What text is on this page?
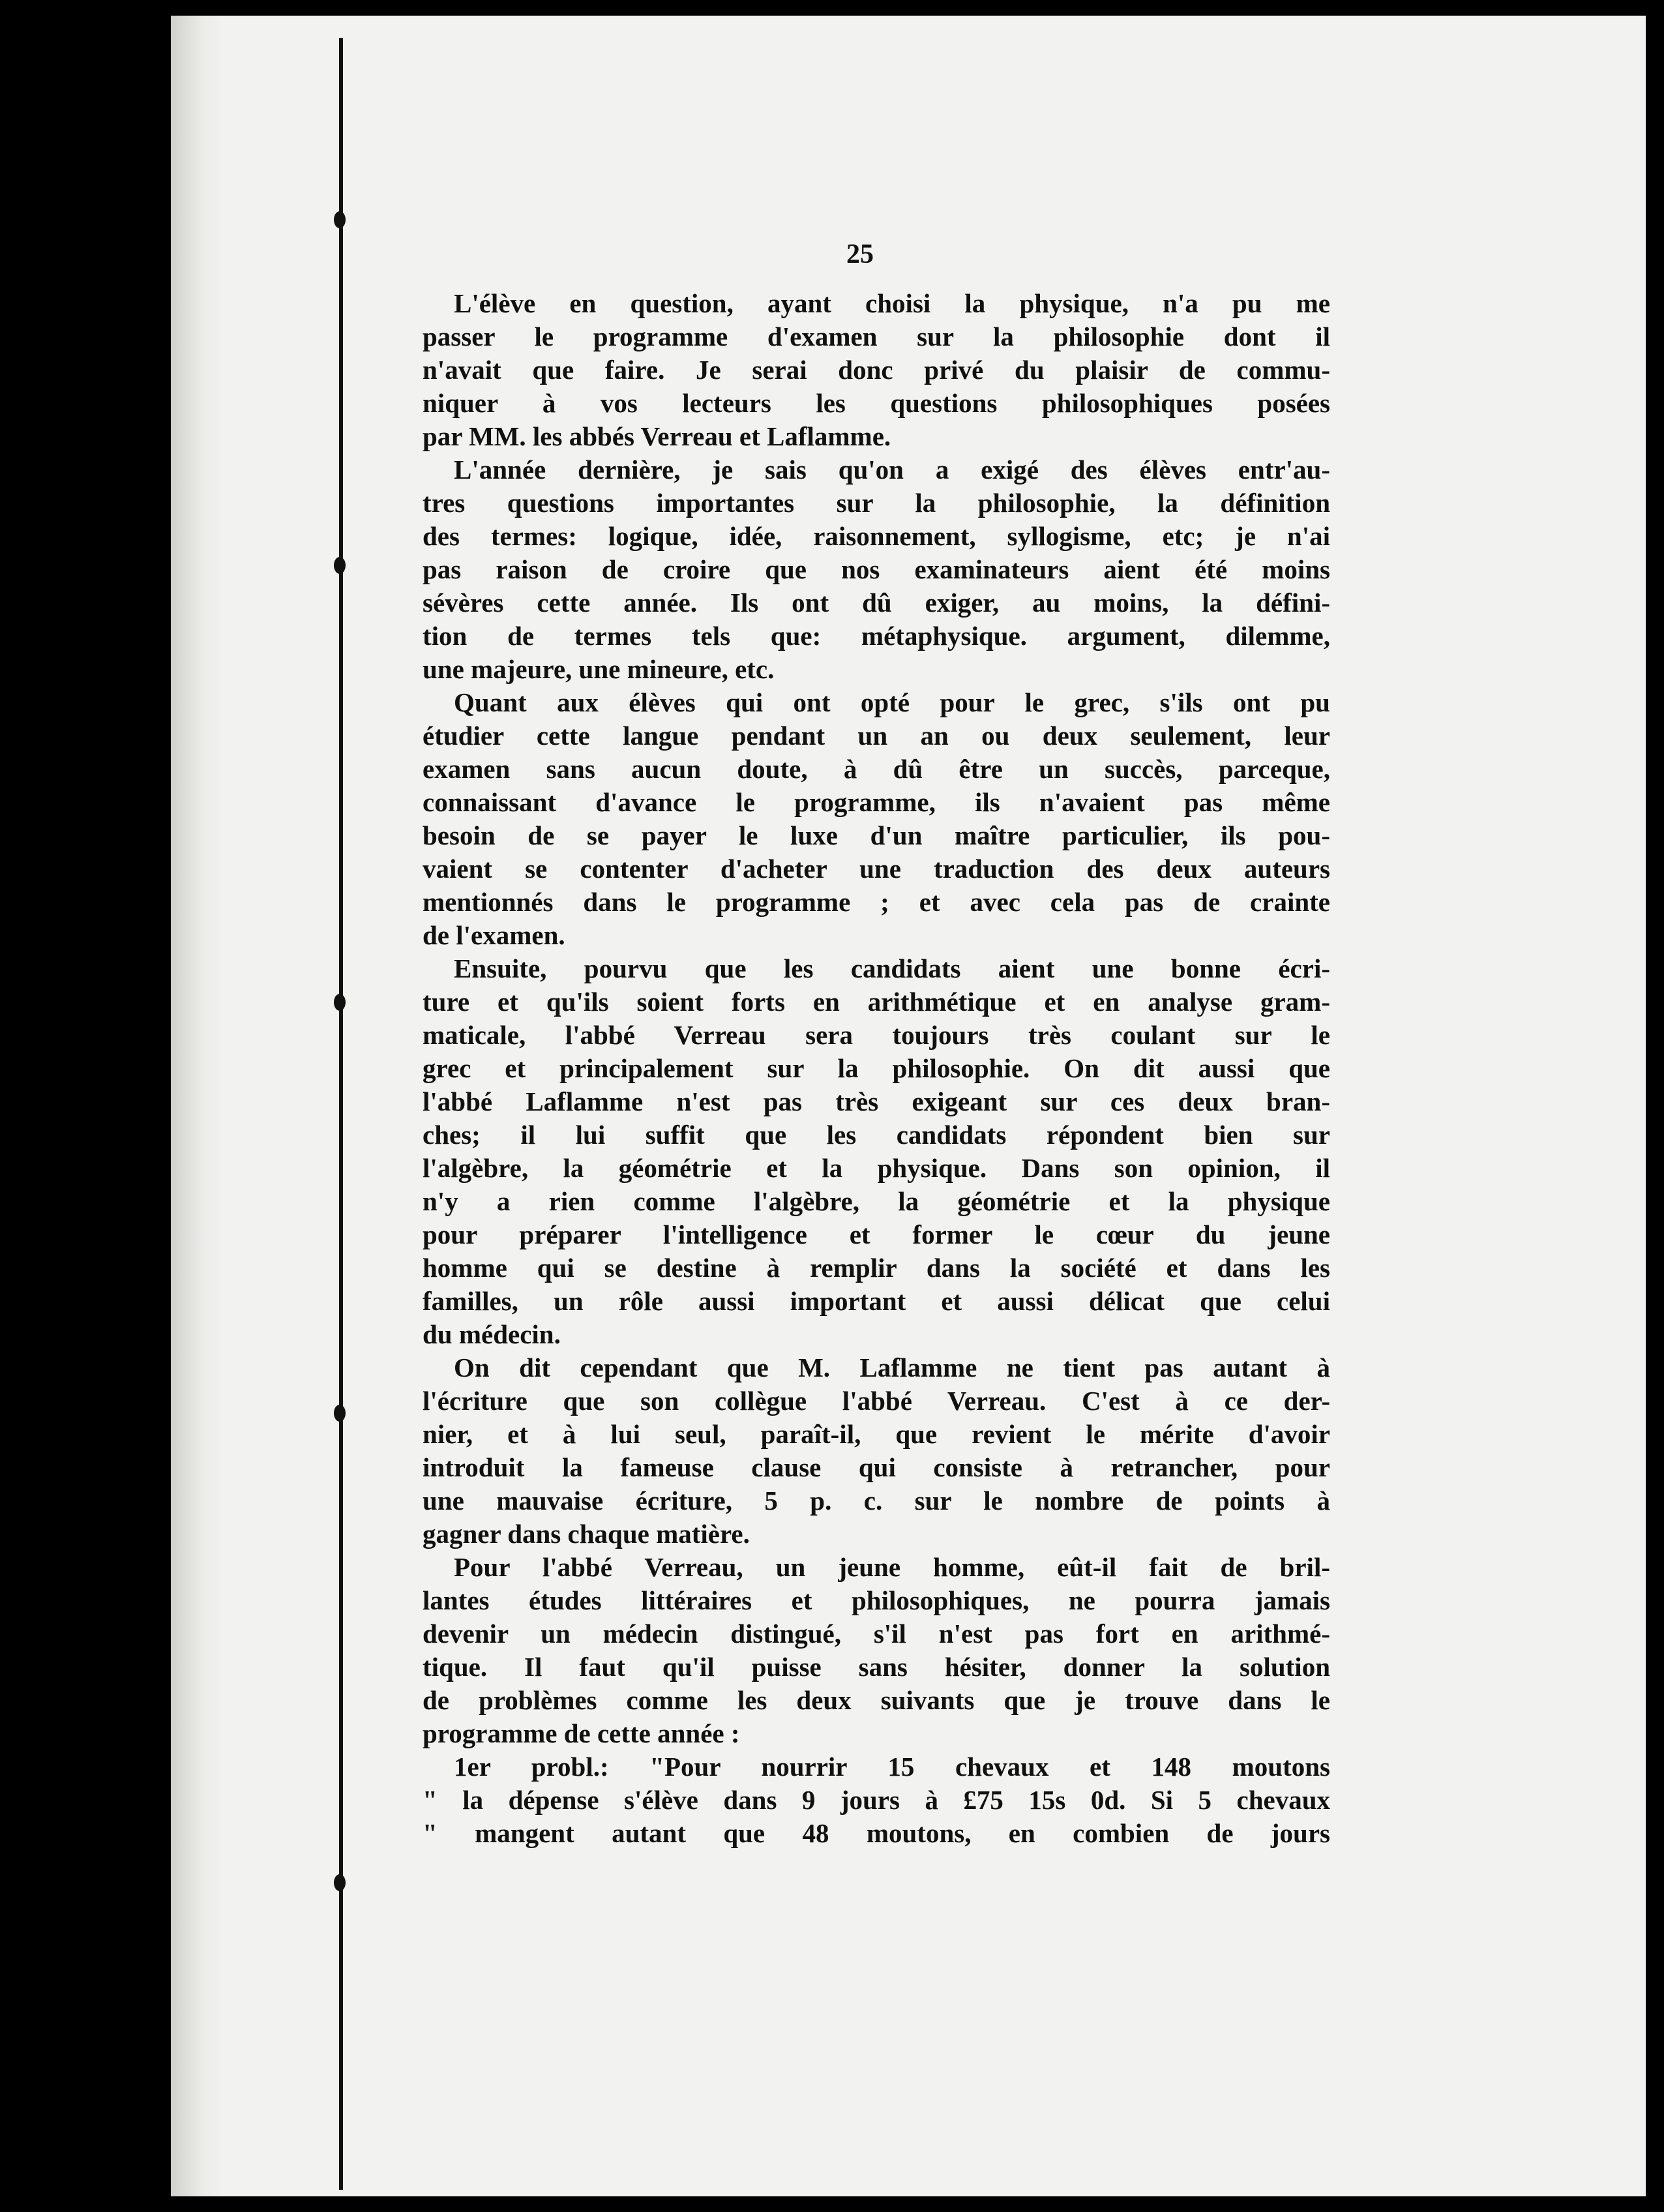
25
L'élève en question, ayant choisi la physique, n'a pu me
passer le programme d'examen sur la philosophie dont il
n'avait que faire. Je serai donc privé du plaisir de commu-
niquer à vos lecteurs les questions philosophiques posées
par MM. les abbés Verreau et Laflamme.
L'année dernière, je sais qu'on a exigé des élèves entr'au-
tres questions importantes sur la philosophie, la définition
des termes: logique, idée, raisonnement, syllogisme, etc; je n'ai
pas raison de croire que nos examinateurs aient été moins
sévères cette année. Ils ont dû exiger, au moins, la défini-
tion de termes tels que: métaphysique. argument, dilemme,
une majeure, une mineure, etc.
Quant aux élèves qui ont opté pour le grec, s'ils ont pu
étudier cette langue pendant un an ou deux seulement, leur
examen sans aucun doute, à dû être un succès, parceque,
connaissant d'avance le programme, ils n'avaient pas même
besoin de se payer le luxe d'un maître particulier, ils pou-
vaient se contenter d'acheter une traduction des deux auteurs
mentionnés dans le programme ; et avec cela pas de crainte
de l'examen.
Ensuite, pourvu que les candidats aient une bonne écri-
ture et qu'ils soient forts en arithmétique et en analyse gram-
maticale, l'abbé Verreau sera toujours très coulant sur le
grec et principalement sur la philosophie. On dit aussi que
l'abbé Laflamme n'est pas très exigeant sur ces deux bran-
ches; il lui suffit que les candidats répondent bien sur
l'algèbre, la géométrie et la physique. Dans son opinion, il
n'y a rien comme l'algèbre, la géométrie et la physique
pour préparer l'intelligence et former le cœur du jeune
homme qui se destine à remplir dans la société et dans les
familles, un rôle aussi important et aussi délicat que celui
du médecin.
On dit cependant que M. Laflamme ne tient pas autant à
l'écriture que son collègue l'abbé Verreau. C'est à ce der-
nier, et à lui seul, paraît-il, que revient le mérite d'avoir
introduit la fameuse clause qui consiste à retrancher, pour
une mauvaise écriture, 5 p. c. sur le nombre de points à
gagner dans chaque matière.
Pour l'abbé Verreau, un jeune homme, eût-il fait de bril-
lantes études littéraires et philosophiques, ne pourra jamais
devenir un médecin distingué, s'il n'est pas fort en arithmé-
tique. Il faut qu'il puisse sans hésiter, donner la solution
de problèmes comme les deux suivants que je trouve dans le
programme de cette année :
1er probl.: "Pour nourrir 15 chevaux et 148 moutons
" la dépense s'élève dans 9 jours à £75 15s 0d. Si 5 chevaux
" mangent autant que 48 moutons, en combien de jours
